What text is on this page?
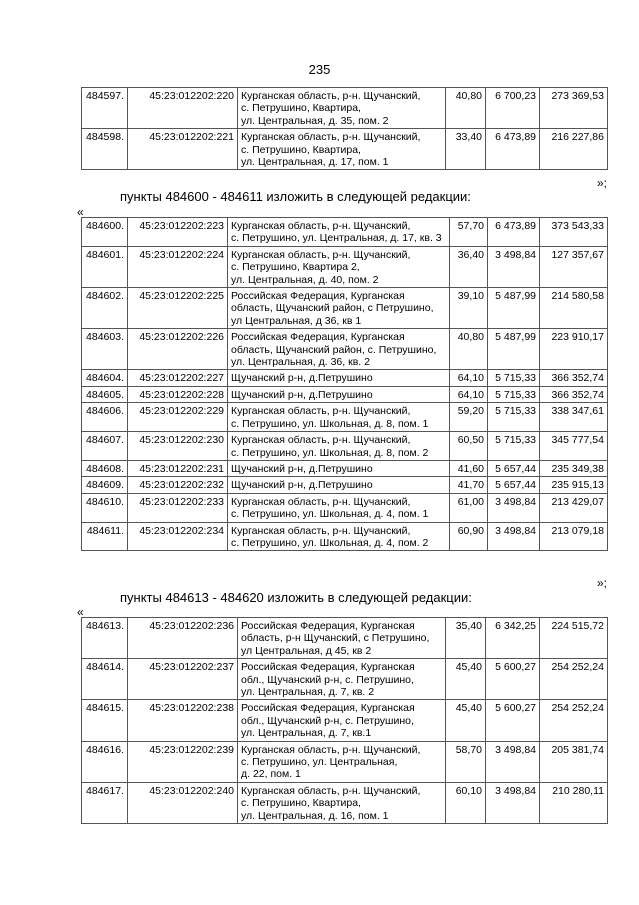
235
484597.	45:23:012202:220	Курганская область, р-н. Щучанский,
с. Петрушино, Квартира,
ул. Центральная, д. 35, пом. 2	40,80	6 700,23	273 369,53
484598.	45:23:012202:221	Курганская область, р-н. Щучанский,
с. Петрушино, Квартира,
ул. Центральная, д. 17, пом. 1	33,40	6 473,89	216 227,86
»;
пункты 484600 - 484611 изложить в следующей редакции:
«
484600.	45:23:012202:223	Курганская область, р-н. Щучанский,
с. Петрушино, ул. Центральная, д. 17, кв. 3	57,70	6 473,89	373 543,33
484601.	45:23:012202:224	Курганская область, р-н. Щучанский,
с. Петрушино, Квартира 2,
ул. Центральная, д. 40, пом. 2	36,40	3 498,84	127 357,67
484602.	45:23:012202:225	Российская Федерация, Курганская
область, Щучанский район, с Петрушино,
ул Центральная, д 36, кв 1	39,10	5 487,99	214 580,58
484603.	45:23:012202:226	Российская Федерация, Курганская
область, Щучанский район, с. Петрушино,
ул. Центральная, д. 36, кв. 2	40,80	5 487,99	223 910,17
484604.	45:23:012202:227	Щучанский р-н, д.Петрушино	64,10	5 715,33	366 352,74
484605.	45:23:012202:228	Щучанский р-н, д.Петрушино	64,10	5 715,33	366 352,74
484606.	45:23:012202:229	Курганская область, р-н. Щучанский,
с. Петрушино, ул. Школьная, д. 8, пом. 1	59,20	5 715,33	338 347,61
484607.	45:23:012202:230	Курганская область, р-н. Щучанский,
с. Петрушино, ул. Школьная, д. 8, пом. 2	60,50	5 715,33	345 777,54
484608.	45:23:012202:231	Щучанский р-н, д.Петрушино	41,60	5 657,44	235 349,38
484609.	45:23:012202:232	Щучанский р-н, д.Петрушино	41,70	5 657,44	235 915,13
484610.	45:23:012202:233	Курганская область, р-н. Щучанский,
с. Петрушино, ул. Школьная, д. 4, пом. 1	61,00	3 498,84	213 429,07
484611.	45:23:012202:234	Курганская область, р-н. Щучанский,
с. Петрушино, ул. Школьная, д. 4, пом. 2	60,90	3 498,84	213 079,18
»;
пункты 484613 - 484620 изложить в следующей редакции:
«
484613.	45:23:012202:236	Российская Федерация, Курганская
область, р-н Щучанский, с Петрушино,
ул Центральная, д 45, кв 2	35,40	6 342,25	224 515,72
484614.	45:23:012202:237	Российская Федерация, Курганская
обл., Щучанский р-н, с. Петрушино,
ул. Центральная, д. 7, кв. 2	45,40	5 600,27	254 252,24
484615.	45:23:012202:238	Российская Федерация, Курганская
обл., Щучанский р-н, с. Петрушино,
ул. Центральная, д. 7, кв.1	45,40	5 600,27	254 252,24
484616.	45:23:012202:239	Курганская область, р-н. Щучанский,
с. Петрушино, ул. Центральная,
д. 22, пом. 1	58,70	3 498,84	205 381,74
484617.	45:23:012202:240	Курганская область, р-н. Щучанский,
с. Петрушино, Квартира,
ул. Центральная, д. 16, пом. 1	60,10	3 498,84	210 280,11
